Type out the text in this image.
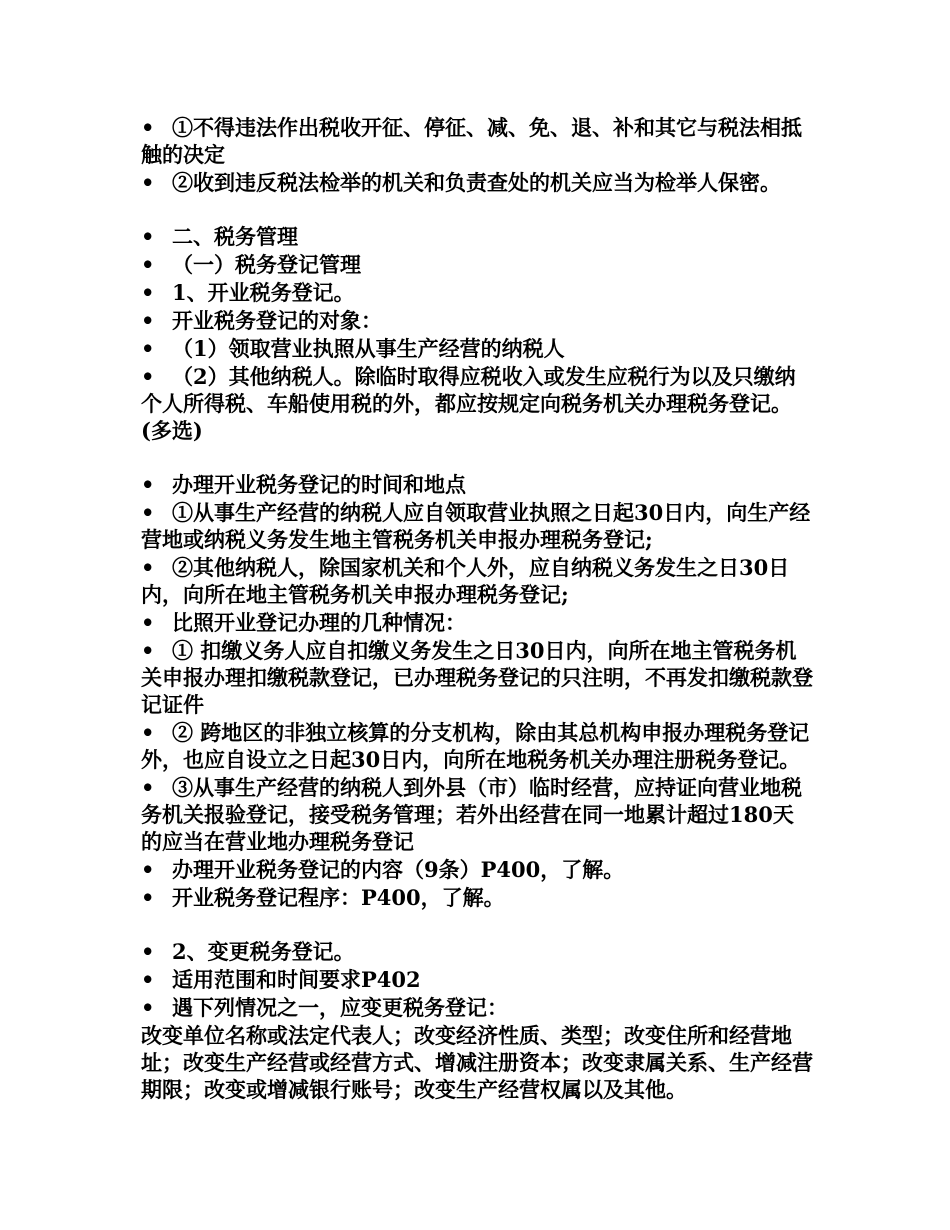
• ①不得违法作出税收开征、停征、减、免、退、补和其它与税法相抵触的决定
• ②收到违反税法检举的机关和负责查处的机关应当为检举人保密。
• 二、税务管理
• （一）税务登记管理
• 1、开业税务登记。
• 开业税务登记的对象：
• （1）领取营业执照从事生产经营的纳税人
• （2）其他纳税人。除临时取得应税收入或发生应税行为以及只缴纳个人所得税、车船使用税的外，都应按规定向税务机关办理税务登记。(多选)
• 办理开业税务登记的时间和地点
• ①从事生产经营的纳税人应自领取营业执照之日起30日内，向生产经营地或纳税义务发生地主管税务机关申报办理税务登记;
• ②其他纳税人，除国家机关和个人外，应自纳税义务发生之日30日内，向所在地主管税务机关申报办理税务登记;
• 比照开业登记办理的几种情况：
• ① 扣缴义务人应自扣缴义务发生之日30日内，向所在地主管税务机关申报办理扣缴税款登记，已办理税务登记的只注明，不再发扣缴税款登记证件
• ② 跨地区的非独立核算的分支机构，除由其总机构申报办理税务登记外，也应自设立之日起30日内，向所在地税务机关办理注册税务登记。
• ③从事生产经营的纳税人到外县（市）临时经营，应持证向营业地税务机关报验登记，接受税务管理；若外出经营在同一地累计超过180天的应当在营业地办理税务登记
• 办理开业税务登记的内容（9条）P400，了解。
• 开业税务登记程序：P400，了解。
• 2、变更税务登记。
• 适用范围和时间要求P402
• 遇下列情况之一，应变更税务登记：

改变单位名称或法定代表人；改变经济性质、类型；改变住所和经营地址；改变生产经营或经营方式、增减注册资本；改变隶属关系、生产经营期限；改变或增减银行账号；改变生产经营权属以及其他。
